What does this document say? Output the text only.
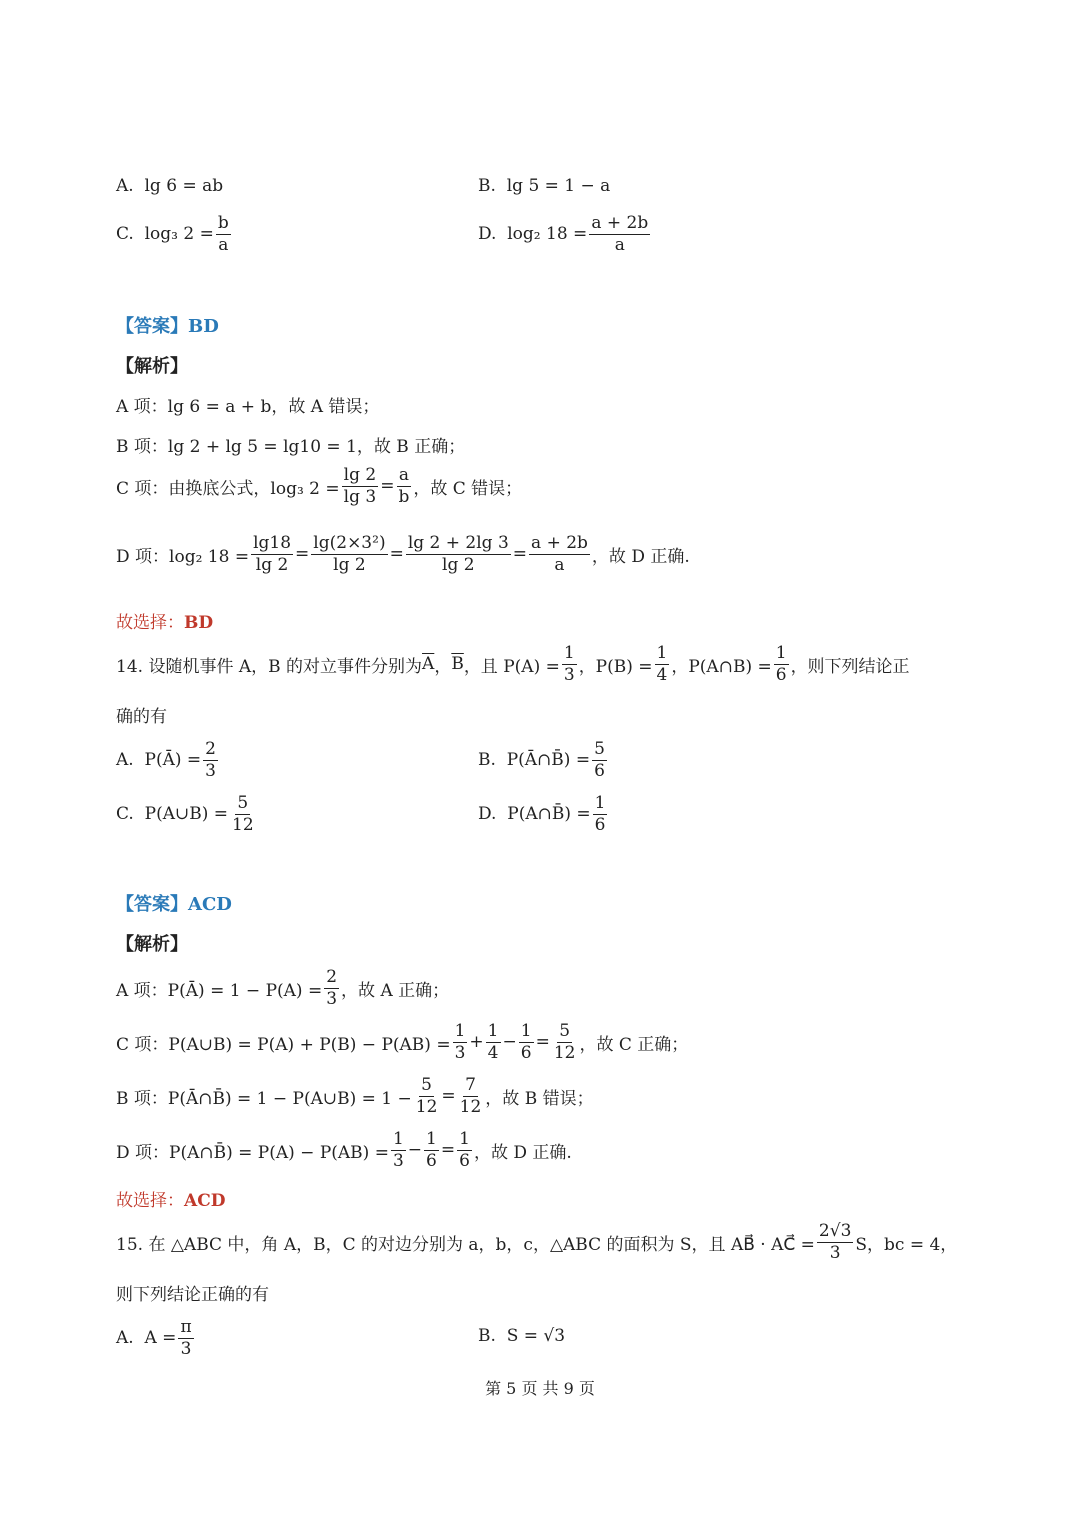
A.
lg 6 = ab	B.
lg 5 = 1 − a
C.
log₃ $2 = \frac{b}{a}$	D.
log₂ $18 = \frac{a + 2b}{a}$
【答案】BD
【解析】
A 项：lg 6 = a + b，故 A 错误；
B 项：lg 2 + lg 5 = lg10 = 1，故 B 正确；
C 项：由换底公式，log₃ $2 = \frac{\lg 2}{\lg 3} = \frac{a}{b}$ ，故 C 错误；
D 项：log₂ $18 = \frac{\lg 18}{\lg 2} = \frac{\text{lg(2×3²)}}{\lg 2} = \frac{\lg 2 + 2\lg 3}{\lg 2} = \frac{a + 2b}{a}$ ，故 D 正确.
故选择：BD
14. 设随机事件 A，B 的对立事件分别为 $\overline{A}$ ， $\overline{B}$ ，且 $P(A) = \frac{1}{3}$ ，$P(B) = \frac{1}{4}$ ，P(A∩B) = $\frac{1}{6}$ ，则下列结论正
确的有
A.
P(Ā) = $\frac{2}{3}$	B.
P(Ā∩B̄) = $\frac{5}{6}$
C.
P(A∪B) = $\frac{5}{12}$	D.
P(A∩B̄) = $\frac{1}{6}$
【答案】ACD
【解析】
A 项：P(Ā) = $1 - P(A) = \frac{2}{3}$ ，故 A 正确；
C 项：P(A∪B) = $P(A) + P(B) - P(AB) = \frac{1}{3} + \frac{1}{4} - \frac{1}{6} = \frac{5}{12}$ ，故 C 正确；
B 项：P(Ā∩B̄) = 1 − P(A∪B) = $1 - \frac{5}{12} = \frac{7}{12}$ ，故 B 错误；
D 项：P(A∩B̄) = $P(A) - P(AB) = \frac{1}{3} - \frac{1}{6} = \frac{1}{6}$ ，故 D 正确.
故选择：ACD
15. 在 △ABC 中，角 A，B，C 的对边分别为 a，b，c，△ABC 的面积为 S，且 AB⃗ · AC⃗ = $\frac{2√3}{3}$ S，bc = 4，
则下列结论正确的有
A.
$A = \frac{\pi}{3}$	B.
S = √3
第 5 页 共 9 页
